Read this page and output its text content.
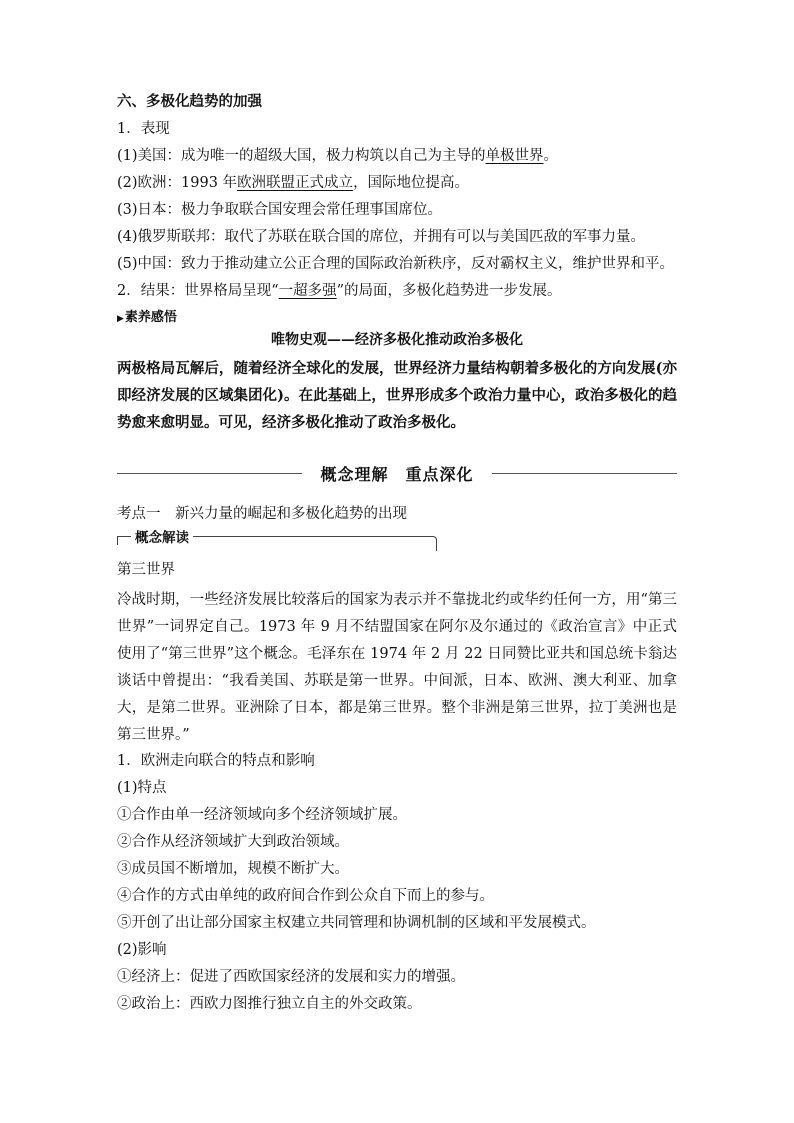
六、多极化趋势的加强
1．表现
(1)美国：成为唯一的超级大国，极力构筑以自己为主导的单极世界。
(2)欧洲：1993 年欧洲联盟正式成立，国际地位提高。
(3)日本：极力争取联合国安理会常任理事国席位。
(4)俄罗斯联邦：取代了苏联在联合国的席位，并拥有可以与美国匹敌的军事力量。
(5)中国：致力于推动建立公正合理的国际政治新秩序，反对霸权主义，维护世界和平。
2．结果：世界格局呈现“一超多强”的局面，多极化趋势进一步发展。
▶素养感悟
唯物史观——经济多极化推动政治多极化
两极格局瓦解后，随着经济全球化的发展，世界经济力量结构朝着多极化的方向发展(亦即经济发展的区域集团化)。在此基础上，世界形成多个政治力量中心，政治多极化的趋势愈来愈明显。可见，经济多极化推动了政治多极化。
概念理解　重点深化
考点一　新兴力量的崛起和多极化趋势的出现
概念解读
第三世界
冷战时期，一些经济发展比较落后的国家为表示并不靠拢北约或华约任何一方，用“第三世界”一词界定自己。1973 年 9 月不结盟国家在阿尔及尔通过的《政治宣言》中正式使用了“第三世界”这个概念。毛泽东在 1974 年 2 月 22 日同赞比亚共和国总统卡翁达谈话中曾提出：“我看美国、苏联是第一世界。中间派，日本、欧洲、澳大利亚、加拿大，是第二世界。亚洲除了日本，都是第三世界。整个非洲是第三世界，拉丁美洲也是第三世界。”
1．欧洲走向联合的特点和影响
(1)特点
①合作由单一经济领域向多个经济领域扩展。
②合作从经济领域扩大到政治领域。
③成员国不断增加，规模不断扩大。
④合作的方式由单纯的政府间合作到公众自下而上的参与。
⑤开创了出让部分国家主权建立共同管理和协调机制的区域和平发展模式。
(2)影响
①经济上：促进了西欧国家经济的发展和实力的增强。
②政治上：西欧力图推行独立自主的外交政策。
